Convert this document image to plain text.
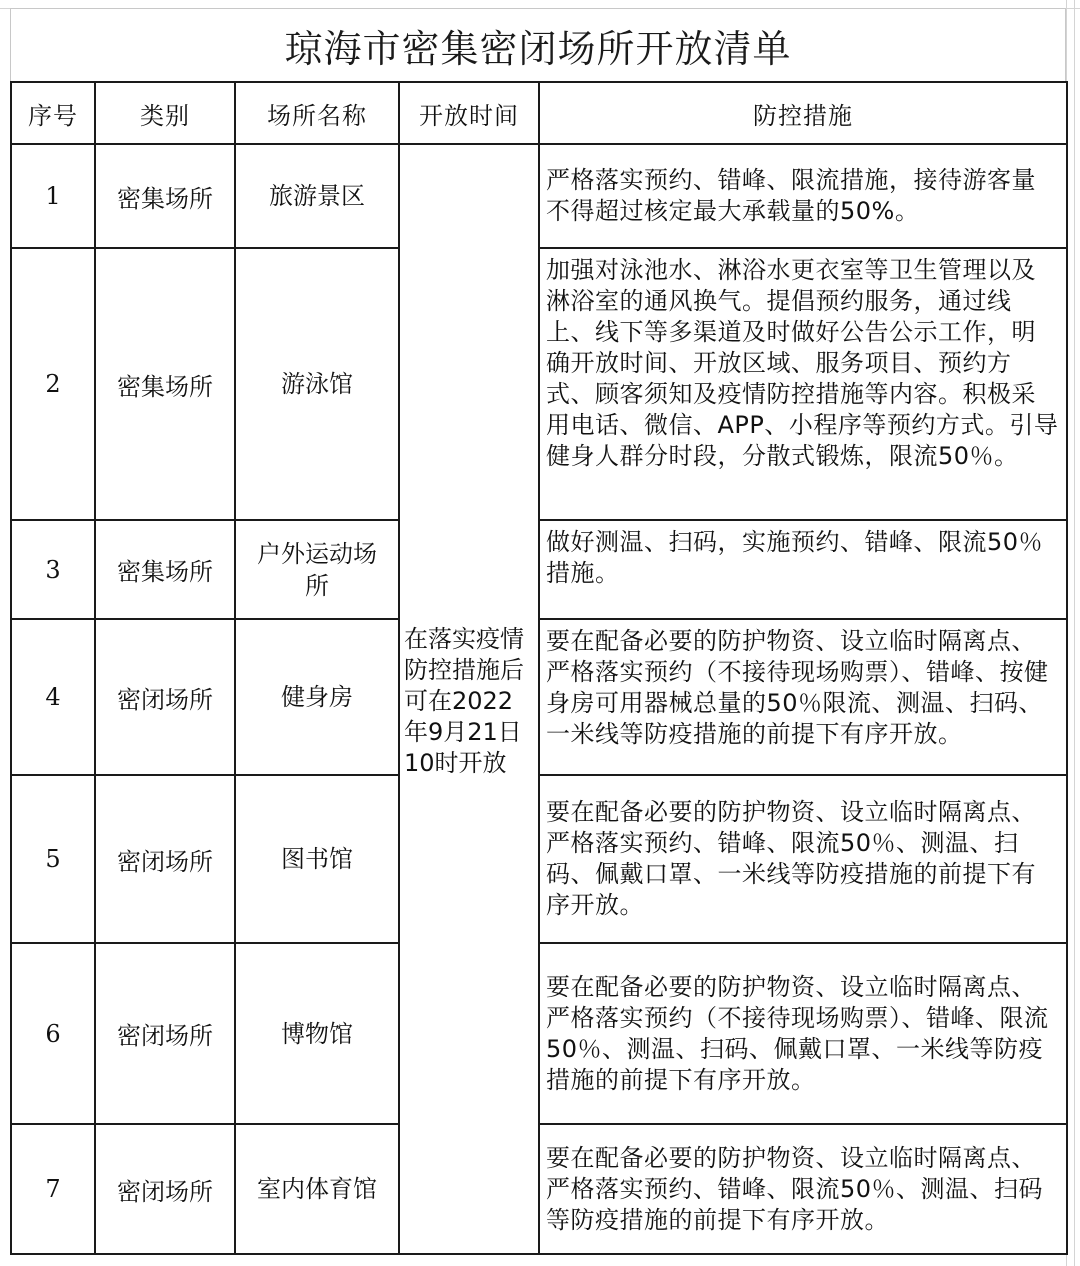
琼海市密集密闭场所开放清单
序号	类别	场所名称	开放时间	防控措施
1	密集场所	旅游景区	在落实疫情防控措施后可在2022年9月21日10时开放	严格落实预约、错峰、限流措施，接待游客量不得超过核定最大承载量的50%。
2	密集场所	游泳馆		加强对泳池水、淋浴水更衣室等卫生管理以及淋浴室的通风换气。提倡预约服务，通过线上、线下等多渠道及时做好公告公示工作，明确开放时间、开放区域、服务项目、预约方式、顾客须知及疫情防控措施等内容。积极采用电话、微信、APP、小程序等预约方式。引导健身人群分时段，分散式锻炼，限流50％。
3	密集场所	户外运动场所		做好测温、扫码，实施预约、错峰、限流50％措施。
4	密闭场所	健身房		要在配备必要的防护物资、设立临时隔离点、严格落实预约（不接待现场购票）、错峰、按健身房可用器械总量的50％限流、测温、扫码、一米线等防疫措施的前提下有序开放。
5	密闭场所	图书馆		要在配备必要的防护物资、设立临时隔离点、严格落实预约、错峰、限流50％、测温、扫码、佩戴口罩、一米线等防疫措施的前提下有序开放。
6	密闭场所	博物馆		要在配备必要的防护物资、设立临时隔离点、严格落实预约（不接待现场购票）、错峰、限流50％、测温、扫码、佩戴口罩、一米线等防疫措施的前提下有序开放。
7	密闭场所	室内体育馆		要在配备必要的防护物资、设立临时隔离点、严格落实预约、错峰、限流50％、测温、扫码等防疫措施的前提下有序开放。
